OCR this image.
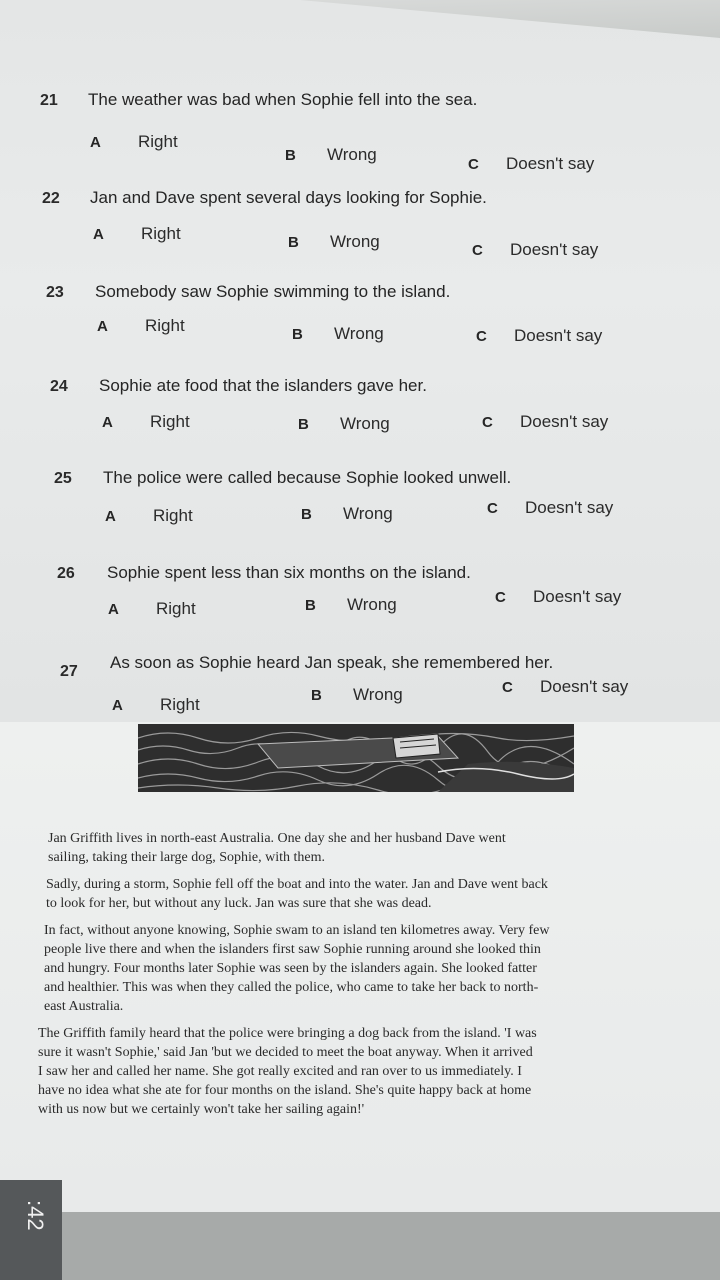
21 The weather was bad when Sophie fell into the sea.
A Right
B Wrong
C Doesn't say
22 Jan and Dave spent several days looking for Sophie.
A Right	B Wrong	C Doesn't say
23 Somebody saw Sophie swimming to the island.
A Right	B Wrong	C Doesn't say
24 Sophie ate food that the islanders gave her.
A Right	B Wrong	C Doesn't say
25 The police were called because Sophie looked unwell.
A Right	B Wrong	C Doesn't say
26 Sophie spent less than six months on the island.
A Right	B Wrong	C Doesn't say
27 As soon as Sophie heard Jan speak, she remembered her.
A Right	B Wrong	C Doesn't say
Jan Griffith lives in north-east Australia. One day she and her husband Dave went
sailing, taking their large dog, Sophie, with them.
Sadly, during a storm, Sophie fell off the boat and into the water. Jan and Dave went back
to look for her, but without any luck. Jan was sure that she was dead.
In fact, without anyone knowing, Sophie swam to an island ten kilometres away. Very few
people live there and when the islanders first saw Sophie running around she looked thin
and hungry. Four months later Sophie was seen by the islanders again. She looked fatter
and healthier. This was when they called the police, who came to take her back to north-
east Australia.
The Griffith family heard that the police were bringing a dog back from the island. 'I was
sure it wasn't Sophie,' said Jan 'but we decided to meet the boat anyway. When it arrived
I saw her and called her name. She got really excited and ran over to us immediately. I
have no idea what she ate for four months on the island. She's quite happy back at home
with us now but we certainly won't take her sailing again!'
:42
